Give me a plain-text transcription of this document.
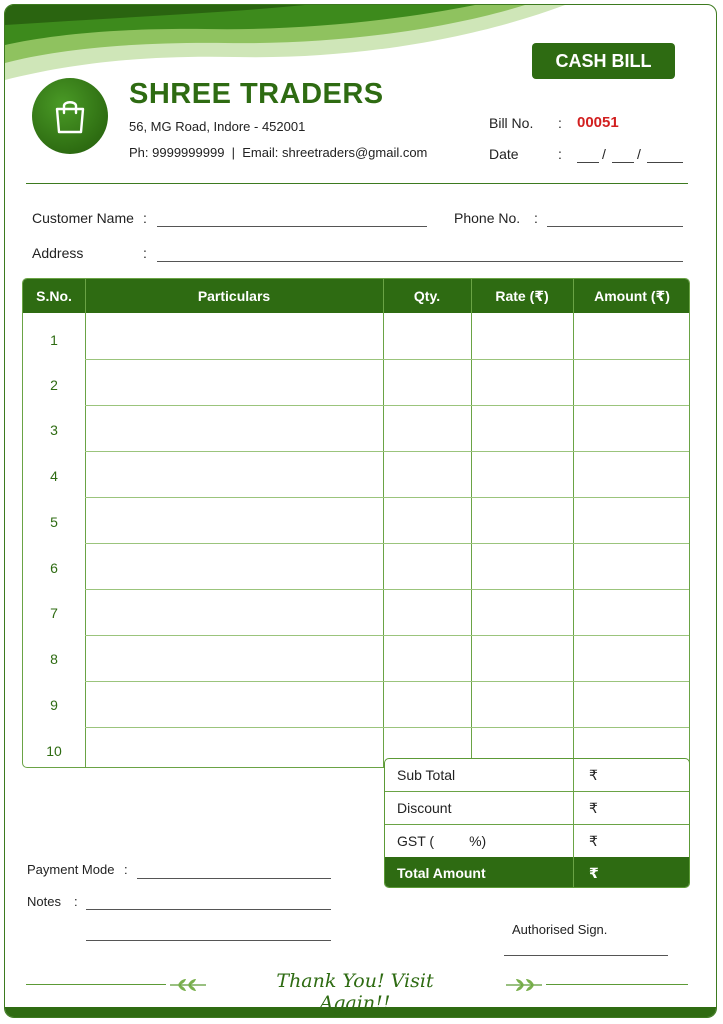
SHREE TRADERS
56, MG Road, Indore - 452001
Ph: 9999999999  |  Email: shreetraders@gmail.com
CASH BILL
Bill No. : 00051
Date	:	/ /
Customer Name :	Phone No. :
Address	:
S.No.	Particulars	Qty.	Rate (₹)	Amount (₹)
1
2
3
4
5
6
7
8
9
10
Sub Total	₹
Discount	₹
GST (         %)	₹
Total Amount	₹
Payment Mode :
Notes :
Authorised Sign.
Thank You! Visit Again!!
